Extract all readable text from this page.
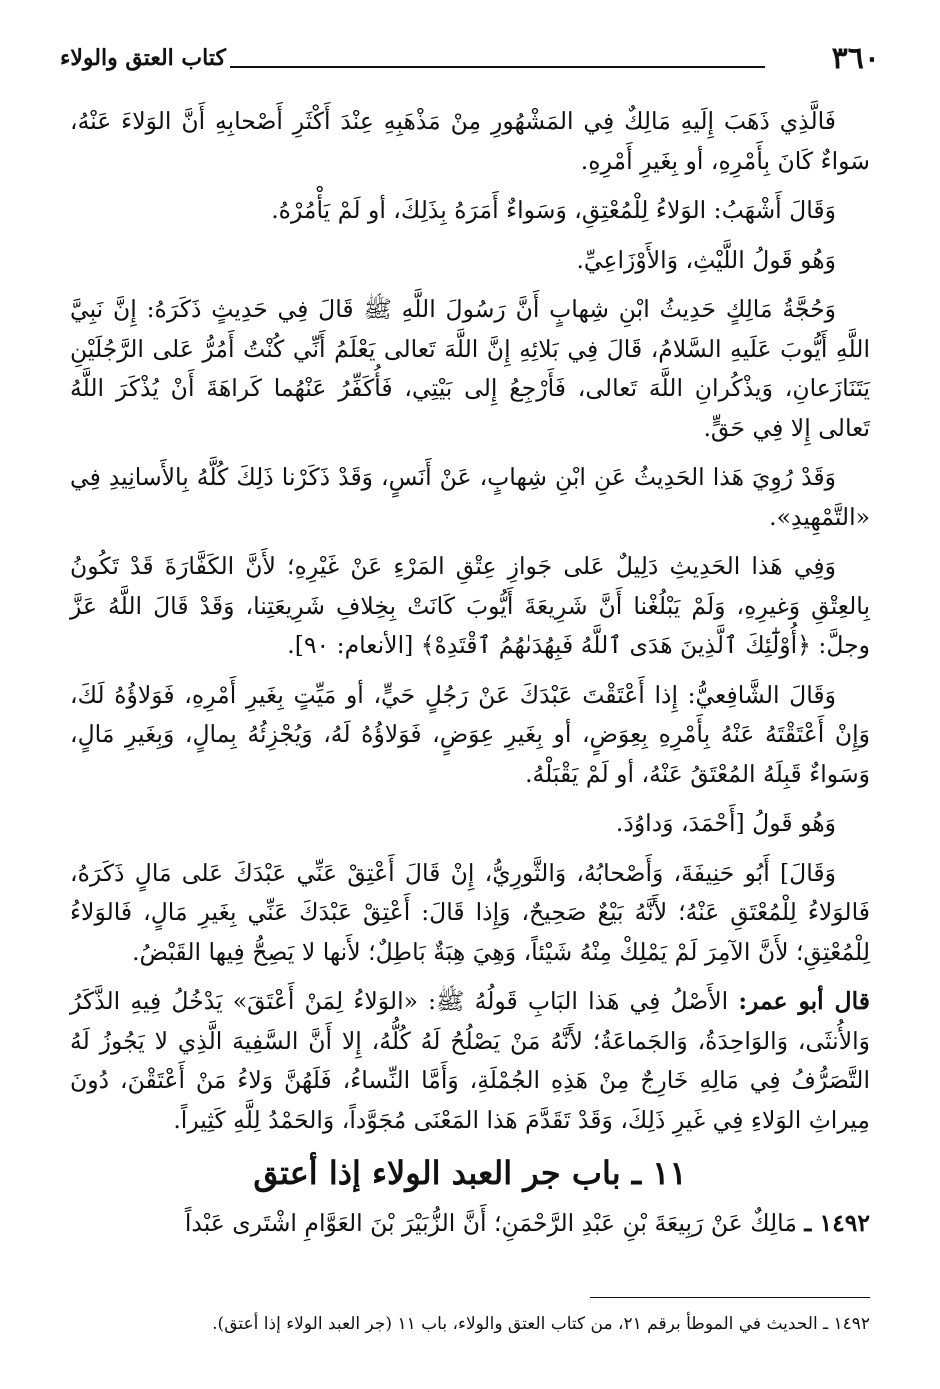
٣٦٠
كتاب العتق والولاء

فَالَّذِي ذَهَبَ إِلَيهِ مَالِكٌ فِي المَشْهُورِ مِنْ مَذْهَبِهِ عِنْدَ أَكْثَرِ أَصْحابِهِ أَنَّ الوَلاءَ عَنْهُ، سَواءٌ كَانَ بِأَمْرِهِ، أو بِغَيرِ أَمْرِهِ.

وَقَالَ أَشْهَبُ: الوَلاءُ لِلْمُعْتِقِ، وَسَواءٌ أَمَرَهُ بِذَلِكَ، أو لَمْ يَأْمُرْهُ.

وَهُو قَولُ اللَّيْثِ، وَالأَوْزَاعِيِّ.

وَحُجَّةُ مَالِكٍ حَدِيثُ ابْنِ شِهابٍ أَنَّ رَسُولَ اللَّهِ ﷺ قَالَ فِي حَدِيثٍ ذَكَرَهُ: إِنَّ نَبِيَّ اللَّهِ أَيُّوبَ عَلَيهِ السَّلامُ، قَالَ فِي بَلائِهِ إِنَّ اللَّهَ تَعالى يَعْلَمُ أَنِّي كُنْتُ أَمُرُّ عَلى الرَّجُلَيْنِ يَتَنَازَعانِ، وَيذْكُرانِ اللَّهَ تَعالى، فَأَرْجِعُ إِلى بَيْتِي، فَأُكَفِّرُ عَنْهُما كَراهَةَ أَنْ يُذْكَرَ اللَّهُ تَعالى إِلا فِي حَقٍّ.

وَقَدْ رُوِيَ هَذا الحَدِيثُ عَنِ ابْنِ شِهابٍ، عَنْ أَنَسٍ، وَقَدْ ذَكَرْنا ذَلِكَ كُلَّهُ بِالأَسانِيدِ فِي «التَّمْهِيدِ».

وَفِي هَذا الحَدِيثِ دَلِيلٌ عَلى جَوازِ عِتْقِ المَرْءِ عَنْ غَيْرِهِ؛ لأَنَّ الكَفَّارَةَ قَدْ تَكُونُ بِالعِتْقِ وَغيرِهِ، وَلَمْ يَبْلُغْنا أَنَّ شَرِيعَةَ أَيُّوبَ كَانَتْ بِخِلافِ شَرِيعَتِنا، وَقَدْ قَالَ اللَّهُ عَزَّ وجلَّ: ﴿أُوْلَٰٓئِكَ ٱلَّذِينَ هَدَى ٱللَّهُ فَبِهُدَىٰهُمُ ٱقْتَدِهْ﴾ [الأنعام: ٩٠].

وَقَالَ الشَّافِعيُّ: إِذا أَعْتَقْتَ عَبْدَكَ عَنْ رَجُلٍ حَيٍّ، أو مَيِّتٍ بِغَيرِ أَمْرِهِ، فَوَلاؤُهُ لَكَ، وَإِنْ أَعْتَقْتَهُ عَنْهُ بِأَمْرِهِ بِعِوَضٍ، أو بِغَيرِ عِوَضٍ، فَوَلاؤُهُ لَهُ، وَيُجْزِئُهُ بِمالٍ، وَبِغَيرِ مَالٍ، وَسَواءٌ قَبِلَهُ المُعْتَقُ عَنْهُ، أو لَمْ يَقْبَلْهُ.

وَهُو قَولُ [أَحْمَدَ، وَداوُدَ.

وَقَالَ] أَبُو حَنِيفَةَ، وَأَصْحابُهُ، وَالثَّورِيُّ، إِنْ قَالَ أَعْتِقْ عَنِّي عَبْدَكَ عَلى مَالٍ ذَكَرَهُ، فَالوَلاءُ لِلْمُعْتَقِ عَنْهُ؛ لأَنَّهُ بَيْعٌ صَحِيحٌ، وَإِذا قَالَ: أَعْتِقْ عَبْدَكَ عَنِّي بِغَيرِ مَالٍ، فَالوَلاءُ لِلْمُعْتِقِ؛ لأَنَّ الآمِرَ لَمْ يَمْلِكْ مِنْهُ شَيْئاً، وَهِيَ هِبَةٌ بَاطِلٌ؛ لأَنها لا يَصِحُّ فِيها القَبْضُ.

قال أبو عمر: الأَصْلُ فِي هَذا البَابِ قَولُهُ ﷺ: «الوَلاءُ لِمَنْ أَعْتَقَ» يَدْخُلُ فِيهِ الذَّكَرُ وَالأُنثَى، وَالوَاحِدَةُ، وَالجَماعَةُ؛ لأَنَّهُ مَنْ يَصْلُحُ لَهُ كُلُّهُ، إِلا أَنَّ السَّفِيهَ الَّذِي لا يَجُوزُ لَهُ التَّصَرُّفُ فِي مَالِهِ خَارِجٌ مِنْ هَذِهِ الجُمْلَةِ، وَأَمَّا النِّساءُ، فَلَهُنَّ وَلاءُ مَنْ أَعْتَقْنَ، دُونَ مِيراثِ الوَلاءِ فِي غَيرِ ذَلِكَ، وَقَدْ تَقَدَّمَ هَذا المَعْنَى مُجَوَّداً، وَالحَمْدُ لِلَّهِ كَثِيراً.

١١ ـ باب جر العبد الولاء إذا أعتق

١٤٩٢ ـ مَالِكٌ عَنْ رَبِيعَةَ بْنِ عَبْدِ الرَّحْمَنِ؛ أَنَّ الزُّبَيْرَ بْنَ العَوَّامِ اشْتَرى عَبْداً

١٤٩٢ ـ الحديث في الموطأ برقم ٢١، من كتاب العتق والولاء، باب ١١ (جر العبد الولاء إذا أعتق).
